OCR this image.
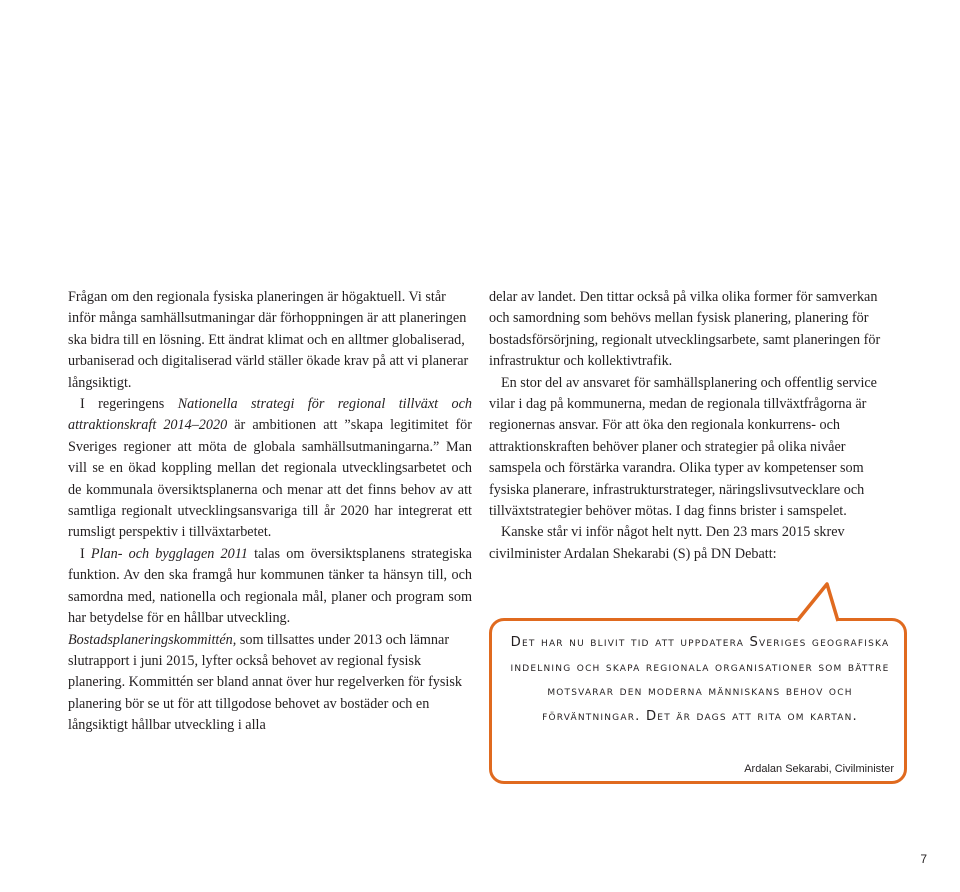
Frågan om den regionala fysiska planeringen är högaktuell. Vi står inför många samhällsutmaningar där förhoppningen är att planeringen ska bidra till en lösning. Ett ändrat klimat och en alltmer globaliserad, urbaniserad och digitaliserad värld ställer ökade krav på att vi planerar långsiktigt.

I regeringens Nationella strategi för regional tillväxt och attraktionskraft 2014–2020 är ambitionen att ”skapa legitimitet för Sveriges regioner att möta de globala samhällsutmaningarna.” Man vill se en ökad koppling mellan det regionala utvecklingsarbetet och de kommunala översiktsplanerna och menar att det finns behov av att samtliga regionalt utvecklingsansvariga till år 2020 har integrerat ett rumsligt perspektiv i tillväxtarbetet.

I Plan- och bygglagen 2011 talas om översiktsplanens strategiska funktion. Av den ska framgå hur kommunen tänker ta hänsyn till, och samordna med, nationella och regionala mål, planer och program som har betydelse för en hållbar utveckling.

Bostadsplaneringskommittén, som tillsattes under 2013 och lämnar slutrapport i juni 2015, lyfter också behovet av regional fysisk planering. Kommittén ser bland annat över hur regelverken för fysisk planering bör se ut för att tillgodose behovet av bostäder och en långsiktigt hållbar utveckling i alla

delar av landet. Den tittar också på vilka olika former för samverkan och samordning som behövs mellan fysisk planering, planering för bostadsförsörjning, regionalt utvecklingsarbete, samt planeringen för infrastruktur och kollektivtrafik.

En stor del av ansvaret för samhällsplanering och offentlig service vilar i dag på kommunerna, medan de regionala tillväxtfrågorna är regionernas ansvar. För att öka den regionala konkurrens- och attraktionskraften behöver planer och strategier på olika nivåer samspela och förstärka varandra. Olika typer av kompetenser som fysiska planerare, infrastrukturstrateger, näringslivsutvecklare och tillväxtstrategier behöver mötas. I dag finns brister i samspelet.

Kanske står vi inför något helt nytt. Den 23 mars 2015 skrev civilminister Ardalan Shekarabi (S) på DN Debatt:

Det har nu blivit tid att uppdatera Sveriges geografiska indelning och skapa regionala organisationer som bättre motsvarar den moderna människans behov och förväntningar. Det är dags att rita om kartan.
Ardalan Sekarabi, Civilminister
7
